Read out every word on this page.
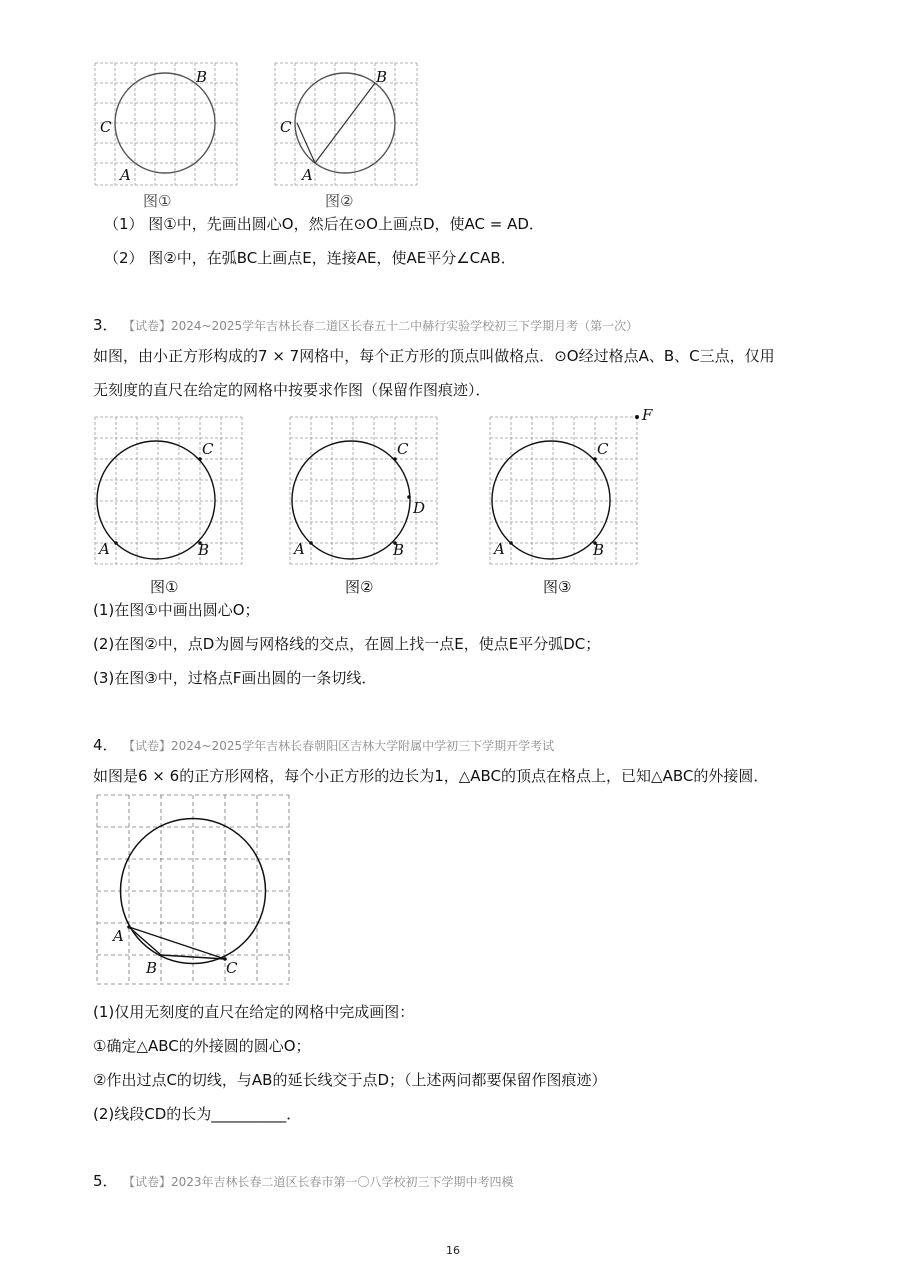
B
C
A
图①
B
C
A
图②
（1） 图①中，先画出圆心O，然后在⊙O上画点D，使AC = AD．
（2） 图②中，在弧BC上画点E，连接AE，使AE平分∠CAB．
3． 【试卷】2024~2025学年吉林长春二道区长春五十二中赫行实验学校初三下学期月考（第一次）
如图，由小正方形构成的7 × 7网格中，每个正方形的顶点叫做格点．⊙O经过格点A、B、C三点，仅用
无刻度的直尺在给定的网格中按要求作图（保留作图痕迹）．
C
A	B
图①
C
D
A	B
图②
C
F
A	B
图③
(1)在图①中画出圆心O；
(2)在图②中，点D为圆与网格线的交点，在圆上找一点E，使点E平分弧DC；
(3)在图③中，过格点F画出圆的一条切线．
4． 【试卷】2024~2025学年吉林长春朝阳区吉林大学附属中学初三下学期开学考试
如图是6 × 6的正方形网格，每个小正方形的边长为1，△ABC的顶点在格点上，已知△ABC的外接圆．
A
B	C
(1)仅用无刻度的直尺在给定的网格中完成画图：
①确定△ABC的外接圆的圆心O；
②作出过点C的切线，与AB的延长线交于点D；（上述两问都要保留作图痕迹）
(2)线段CD的长为__________．
5． 【试卷】2023年吉林长春二道区长春市第一〇八学校初三下学期中考四模
16
